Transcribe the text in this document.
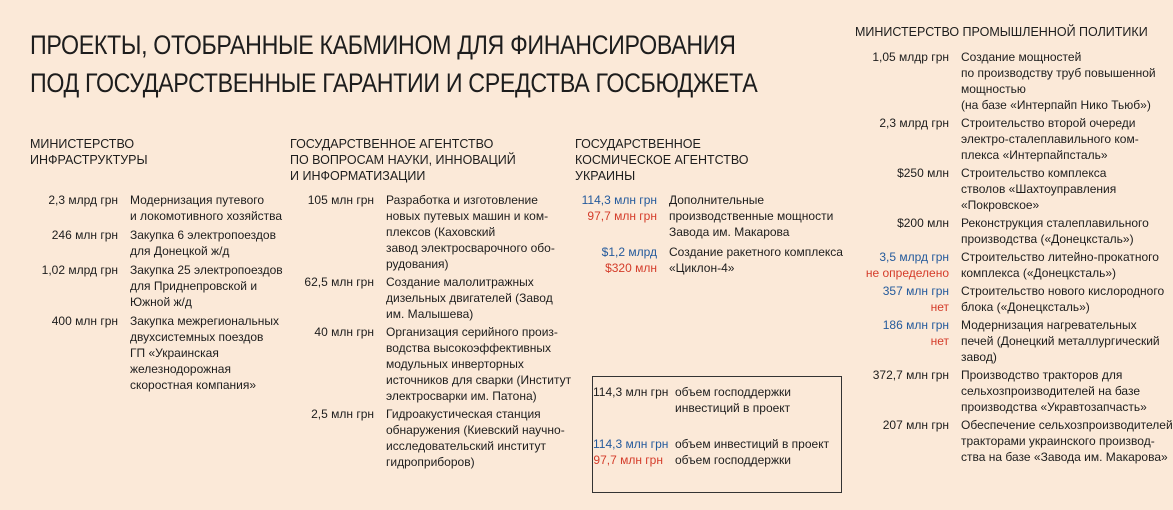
ПРОЕКТЫ, ОТОБРАННЫЕ КАБМИНОМ ДЛЯ ФИНАНСИРОВАНИЯ
ПОД ГОСУДАРСТВЕННЫЕ ГАРАНТИИ И СРЕДСТВА ГОСБЮДЖЕТА
МИНИСТЕРСТВО
ИНФРАСТРУКТУРЫ
2,3 млрд грн Модернизация путевого
и локомотивного хозяйства
246 млн грн Закупка 6 электропоездов
для Донецкой ж/д
1,02 млрд грн Закупка 25 электропоездов
для Приднепровской и
Южной ж/д
400 млн грн Закупка межрегиональных
двухсистемных поездов
ГП «Украинская
железнодорожная
скоростная компания»
ГОСУДАРСТВЕННОЕ АГЕНТСТВО
ПО ВОПРОСАМ НАУКИ, ИННОВАЦИЙ
И ИНФОРМАТИЗАЦИИ
105 млн грн Разработка и изготовление
новых путевых машин и ком-
плексов (Каховский
завод электросварочного обо-
рудования)
62,5 млн грн Создание малолитражных
дизельных двигателей (Завод
им. Малышева)
40 млн грн Организация серийного произ-
водства высокоэффективных
модульных инверторных
источников для сварки (Институт
электросварки им. Патона)
2,5 млн грн Гидроакустическая станция
обнаружения (Киевский научно-
исследовательский институт
гидроприборов)
ГОСУДАРСТВЕННОЕ
КОСМИЧЕСКОЕ АГЕНТСТВО
УКРАИНЫ
114,3 млн грн
97,7 млн грн
Дополнительные
производственные мощности
Завода им. Макарова
$1,2 млрд
$320 млн
Создание ракетного комплекса
«Циклон-4»
114,3 млн грн объем господдержки
инвестиций в проект
114,3 млн грн объем инвестиций в проект
97,7 млн грн	объем господдержки
МИНИСТЕРСТВО ПРОМЫШЛЕННОЙ ПОЛИТИКИ
1,05 млдр грн Создание мощностей
по производству труб повышенной
мощностью
(на базе «Интерпайп Нико Тьюб»)
2,3 млрд грн Строительство второй очереди
электро-сталеплавильного ком-
плекса «Интерпайпсталь»
$250 млн Строительство комплекса
стволов «Шахтоуправления
«Покровское»
$200 млн Реконструкция сталеплавильного
производства («Донецксталь»)
3,5 млрд грн
не определено
Строительство литейно-прокатного
комплекса («Донецксталь»)
357 млн грн
нет
Строительство нового кислородного
блока («Донецксталь»)
186 млн грн
нет
Модернизация нагревательных
печей (Донецкий металлургический
завод)
372,7 млн грн Производство тракторов для
сельхозпроизводителей на базе
производства «Укравтозапчасть»
207 млн грн Обеспечение сельхозпроизводителей
тракторами украинского производ-
ства на базе «Завода им. Макарова»
